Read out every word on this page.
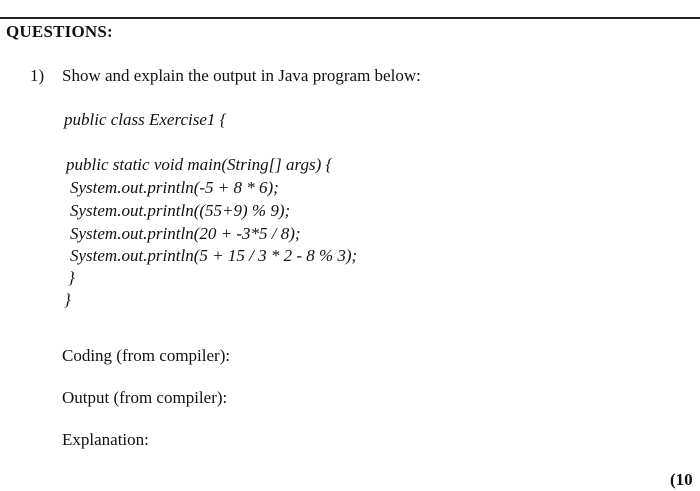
QUESTIONS:
1) Show and explain the output in Java program below:
public class Exercise1 {
public static void main(String[] args) {
System.out.println(-5 + 8 * 6);
System.out.println((55+9) % 9);
System.out.println(20 + -3*5 / 8);
System.out.println(5 + 15 / 3 * 2 - 8 % 3);
}
}
Coding (from compiler):
Output (from compiler):
Explanation:
(10
